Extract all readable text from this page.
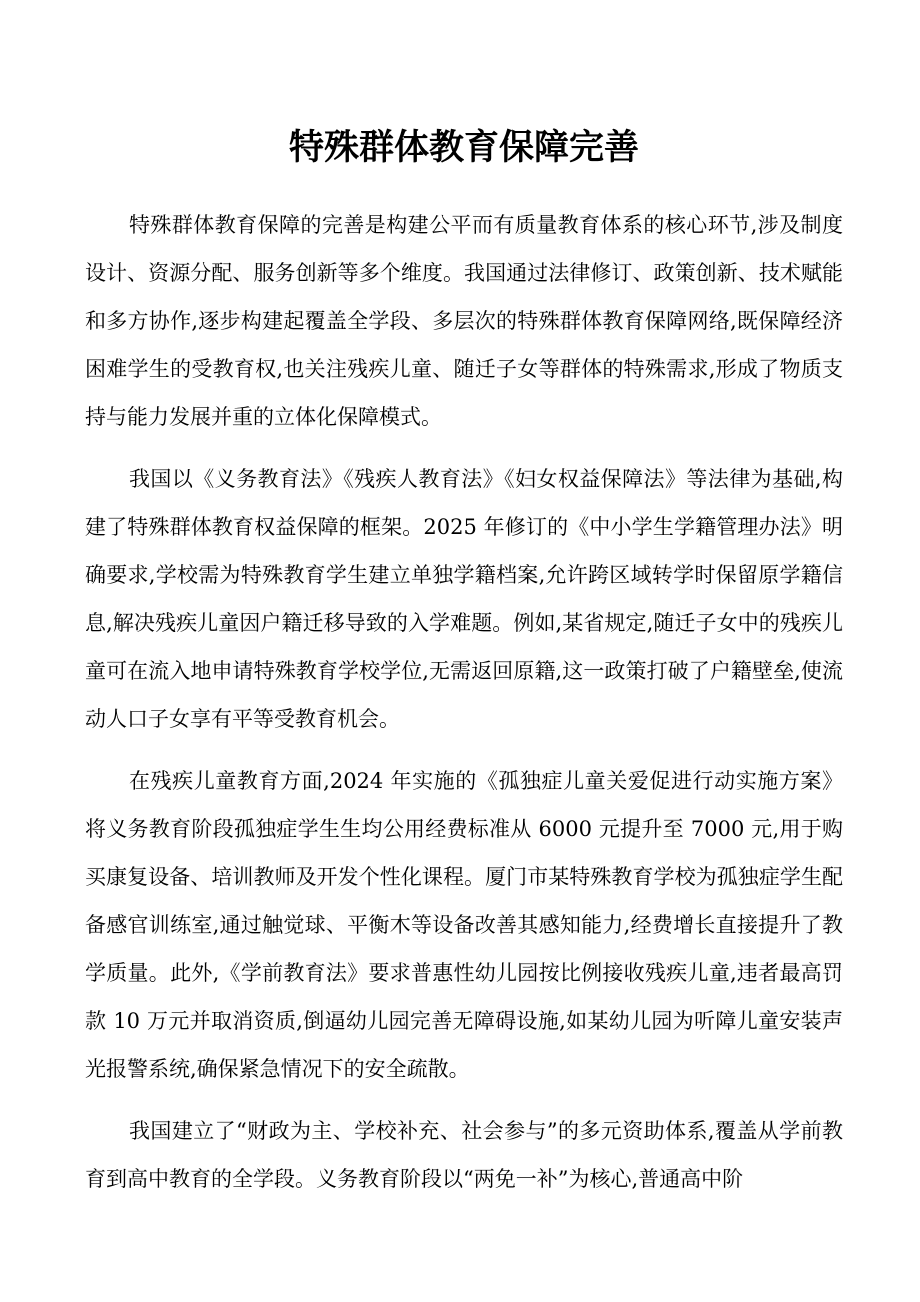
特殊群体教育保障完善

特殊群体教育保障的完善是构建公平而有质量教育体系的核心环节,涉及制度设计、资源分配、服务创新等多个维度。我国通过法律修订、政策创新、技术赋能和多方协作,逐步构建起覆盖全学段、多层次的特殊群体教育保障网络,既保障经济困难学生的受教育权,也关注残疾儿童、随迁子女等群体的特殊需求,形成了物质支持与能力发展并重的立体化保障模式。

我国以《义务教育法》《残疾人教育法》《妇女权益保障法》等法律为基础,构建了特殊群体教育权益保障的框架。2025 年修订的《中小学生学籍管理办法》明确要求,学校需为特殊教育学生建立单独学籍档案,允许跨区域转学时保留原学籍信息,解决残疾儿童因户籍迁移导致的入学难题。例如,某省规定,随迁子女中的残疾儿童可在流入地申请特殊教育学校学位,无需返回原籍,这一政策打破了户籍壁垒,使流动人口子女享有平等受教育机会。

在残疾儿童教育方面,2024 年实施的《孤独症儿童关爱促进行动实施方案》将义务教育阶段孤独症学生生均公用经费标准从 6000 元提升至 7000 元,用于购买康复设备、培训教师及开发个性化课程。厦门市某特殊教育学校为孤独症学生配备感官训练室,通过触觉球、平衡木等设备改善其感知能力,经费增长直接提升了教学质量。此外,《学前教育法》要求普惠性幼儿园按比例接收残疾儿童,违者最高罚款 10 万元并取消资质,倒逼幼儿园完善无障碍设施,如某幼儿园为听障儿童安装声光报警系统,确保紧急情况下的安全疏散。

我国建立了“财政为主、学校补充、社会参与”的多元资助体系,覆盖从学前教育到高中教育的全学段。义务教育阶段以“两免一补”为核心,普通高中阶
